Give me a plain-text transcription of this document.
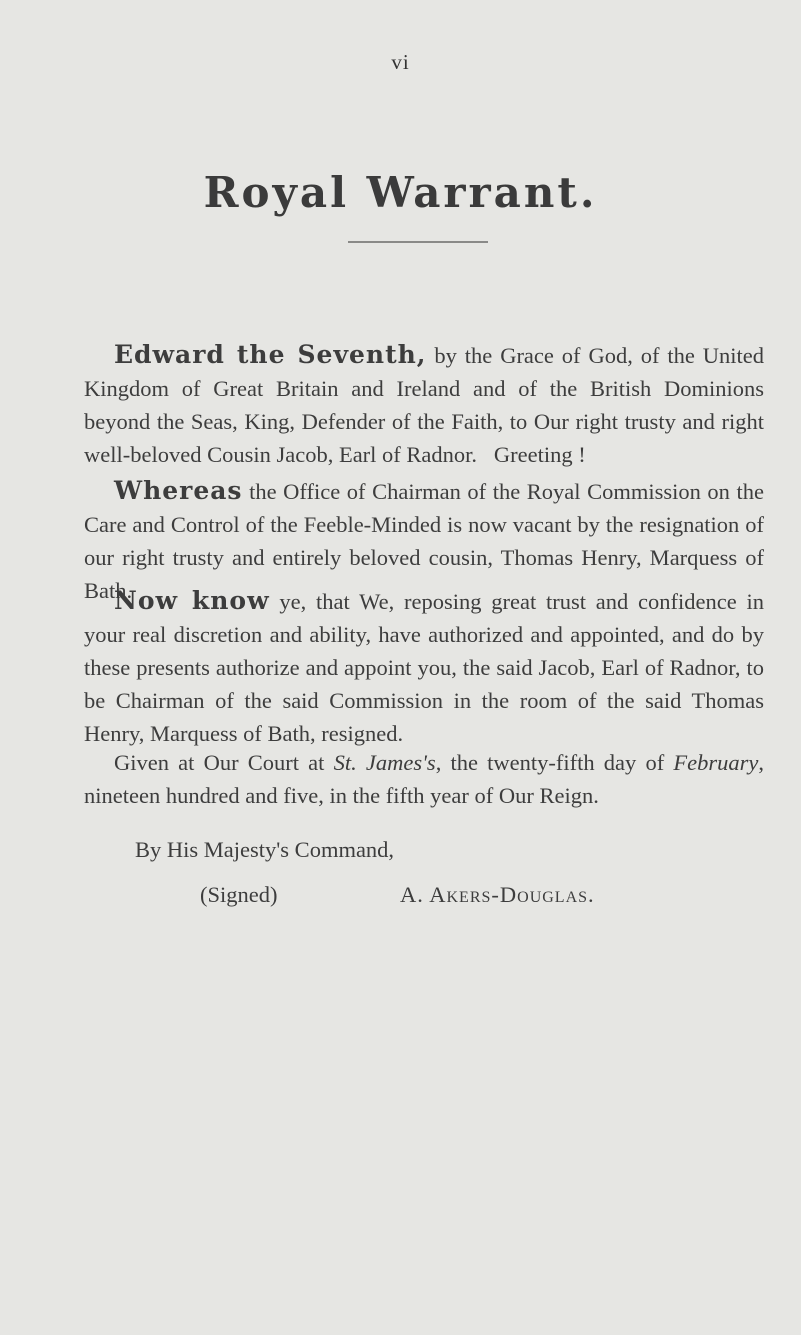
vi
Royal Warrant.
Edward the Seventh, by the Grace of God, of the United Kingdom of Great Britain and Ireland and of the British Dominions beyond the Seas, King, Defender of the Faith, to Our right trusty and right well-beloved Cousin Jacob, Earl of Radnor. Greeting !
Whereas the Office of Chairman of the Royal Commission on the Care and Control of the Feeble-Minded is now vacant by the resignation of our right trusty and entirely beloved cousin, Thomas Henry, Marquess of Bath.
Now know ye, that We, reposing great trust and confidence in your real discretion and ability, have authorized and appointed, and do by these presents authorize and appoint you, the said Jacob, Earl of Radnor, to be Chairman of the said Commission in the room of the said Thomas Henry, Marquess of Bath, resigned.
Given at Our Court at St. James's, the twenty-fifth day of February, nineteen hundred and five, in the fifth year of Our Reign.
By His Majesty's Command,
(Signed)	A. Akers-Douglas.
